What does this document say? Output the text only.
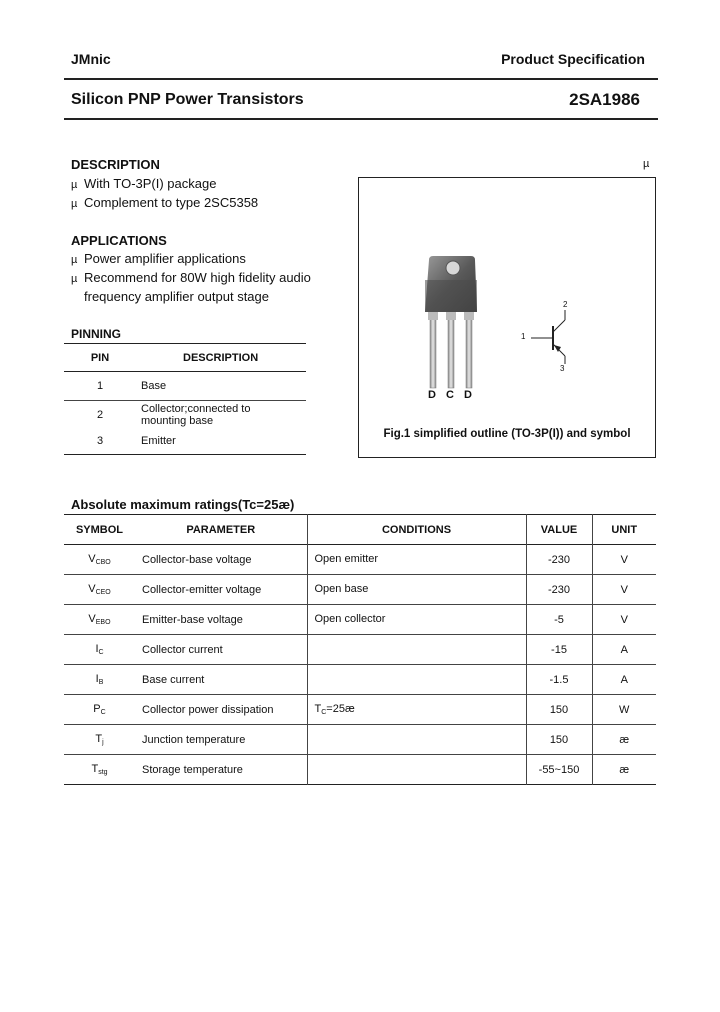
JMnic	Product Specification
Silicon PNP Power Transistors	2SA1986
DESCRIPTION
µ With TO-3P(I) package
µ Complement to type 2SC5358
APPLICATIONS
µ Power amplifier applications
µ Recommend for 80W high fidelity audio
frequency amplifier output stage
PINNING
PIN	DESCRIPTION
1	Base
2	Collector;connected to
mounting base
3	Emitter
µ
D C D
1
2
3
Fig.1 simplified outline (TO-3P(I)) and symbol
Absolute maximum ratings(Tc=25æ)
SYMBOL	PARAMETER	CONDITIONS	VALUE	UNIT
$V_{CBO}$	Collector-base voltage	Open emitter	-230	V
$V_{CEO}$	Collector-emitter voltage	Open base	-230	V
$V_{EBO}$	Emitter-base voltage	Open collector	-5	V
$I_C$	Collector current		-15	A
$I_B$	Base current		-1.5	A
$P_C$	Collector power dissipation	$T_C=25æ$	150	W
$T_j$	Junction temperature		150	æ
$T_{stg}$	Storage temperature		-55~150	æ
